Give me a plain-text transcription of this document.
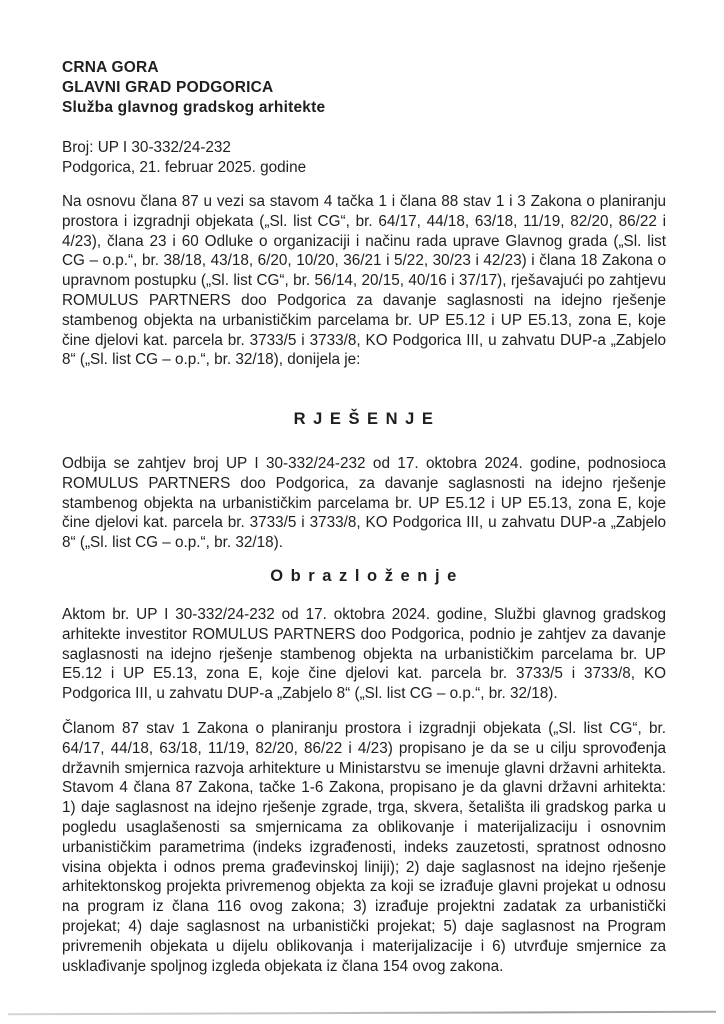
CRNA GORA
GLAVNI GRAD PODGORICA
Služba glavnog gradskog arhitekte
Broj: UP I 30-332/24-232
Podgorica, 21. februar 2025. godine
Na osnovu člana 87 u vezi sa stavom 4 tačka 1 i člana 88 stav 1 i 3 Zakona o planiranju prostora i izgradnji objekata („Sl. list CG“, br. 64/17, 44/18, 63/18, 11/19, 82/20, 86/22 i 4/23), člana 23 i 60 Odluke o organizaciji i načinu rada uprave Glavnog grada („Sl. list CG – o.p.“, br. 38/18, 43/18, 6/20, 10/20, 36/21 i 5/22, 30/23 i 42/23) i člana 18 Zakona o upravnom postupku („Sl. list CG“, br. 56/14, 20/15, 40/16 i 37/17), rješavajući po zahtjevu ROMULUS PARTNERS doo Podgorica za davanje saglasnosti na idejno rješenje stambenog objekta na urbanističkim parcelama br. UP E5.12 i UP E5.13, zona E, koje čine djelovi kat. parcela br. 3733/5 i 3733/8, KO Podgorica III, u zahvatu DUP-a „Zabjelo 8“ („Sl. list CG – o.p.“, br. 32/18), donijela je:
R J E Š E N J E
Odbija se zahtjev broj UP I 30-332/24-232 od 17. oktobra 2024. godine, podnosioca ROMULUS PARTNERS doo Podgorica, za davanje saglasnosti na idejno rješenje stambenog objekta na urbanističkim parcelama br. UP E5.12 i UP E5.13, zona E, koje čine djelovi kat. parcela br. 3733/5 i 3733/8, KO Podgorica III, u zahvatu DUP-a „Zabjelo 8“ („Sl. list CG – o.p.“, br. 32/18).
O b r a z l o ž e n j e
Aktom br. UP I 30-332/24-232 od 17. oktobra 2024. godine, Službi glavnog gradskog arhitekte investitor ROMULUS PARTNERS doo Podgorica, podnio je zahtjev za davanje saglasnosti na idejno rješenje stambenog objekta na urbanističkim parcelama br. UP E5.12 i UP E5.13, zona E, koje čine djelovi kat. parcela br. 3733/5 i 3733/8, KO Podgorica III, u zahvatu DUP-a „Zabjelo 8“ („Sl. list CG – o.p.“, br. 32/18).
Članom 87 stav 1 Zakona o planiranju prostora i izgradnji objekata („Sl. list CG“, br. 64/17, 44/18, 63/18, 11/19, 82/20, 86/22 i 4/23) propisano je da se u cilju sprovođenja državnih smjernica razvoja arhitekture u Ministarstvu se imenuje glavni državni arhitekta. Stavom 4 člana 87 Zakona, tačke 1-6 Zakona, propisano je da glavni državni arhitekta: 1) daje saglasnost na idejno rješenje zgrade, trga, skvera, šetališta ili gradskog parka u pogledu usaglašenosti sa smjernicama za oblikovanje i materijalizaciju i osnovnim urbanističkim parametrima (indeks izgrađenosti, indeks zauzetosti, spratnost odnosno visina objekta i odnos prema građevinskoj liniji); 2) daje saglasnost na idejno rješenje arhitektonskog projekta privremenog objekta za koji se izrađuje glavni projekat u odnosu na program iz člana 116 ovog zakona; 3) izrađuje projektni zadatak za urbanistički projekat; 4) daje saglasnost na urbanistički projekat; 5) daje saglasnost na Program privremenih objekata u dijelu oblikovanja i materijalizacije i 6) utvrđuje smjernice za usklađivanje spoljnog izgleda objekata iz člana 154 ovog zakona.
